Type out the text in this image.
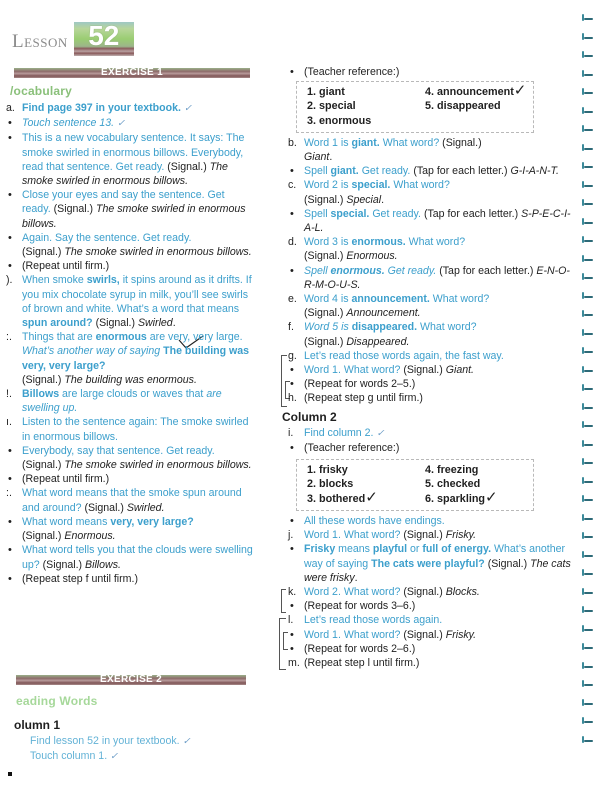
Lesson 52
EXERCISE 1
/ocabulary
a. Find page 397 in your textbook. ✓
• Touch sentence 13. ✓
• This is a new vocabulary sentence. It says: The smoke swirled in enormous billows. Everybody, read that sentence. Get ready. (Signal.) The smoke swirled in enormous billows.
• Close your eyes and say the sentence. Get ready. (Signal.) The smoke swirled in enormous billows.
• Again. Say the sentence. Get ready.
(Signal.) The smoke swirled in enormous billows.
• (Repeat until firm.)
). When smoke swirls, it spins around as it drifts. If you mix chocolate syrup in milk, you’ll see swirls of brown and white. What’s a word that means spun around? (Signal.) Swirled.
:. Things that are enormous are very, very large. What’s another way of saying The building was very, very large?
(Signal.) The building was enormous.
!. Billows are large clouds or waves that are swelling up.
ı. Listen to the sentence again: The smoke swirled in enormous billows.
• Everybody, say that sentence. Get ready. (Signal.) The smoke swirled in enormous billows.
• (Repeat until firm.)
:. What word means that the smoke spun around and around? (Signal.) Swirled.
• What word means very, very large?
(Signal.) Enormous.
• What word tells you that the clouds were swelling up? (Signal.) Billows.
• (Repeat step f until firm.)
EXERCISE 2
eading Words
olumn 1
Find lesson 52 in your textbook. ✓
Touch column 1. ✓
• (Teacher reference:)
1. giant	4. announcement✓
2. special	5. disappeared
3. enormous
b. Word 1 is giant. What word? (Signal.)
Giant.
• Spell giant. Get ready. (Tap for each letter.) G-I-A-N-T.
c. Word 2 is special. What word?
(Signal.) Special.
• Spell special. Get ready. (Tap for each letter.) S-P-E-C-I-A-L.
d. Word 3 is enormous. What word?
(Signal.) Enormous.
• Spell enormous. Get ready. (Tap for each letter.) E-N-O-R-M-O-U-S.
e. Word 4 is announcement. What word?
(Signal.) Announcement.
f. Word 5 is disappeared. What word?
(Signal.) Disappeared.
g. Let’s read those words again, the fast way.
• Word 1. What word? (Signal.) Giant.
• (Repeat for words 2–5.)
h. (Repeat step g until firm.)
Column 2
i.	Find column 2. ✓
• (Teacher reference:)
1. frisky	4. freezing
2. blocks	5. checked
3. bothered✓	6. sparkling✓
• All these words have endings.
j.	Word 1. What word? (Signal.) Frisky.
• Frisky means playful or full of energy. What’s another way of saying The cats were playful? (Signal.) The cats were frisky.
k. Word 2. What word? (Signal.) Blocks.
• (Repeat for words 3–6.)
l.	Let’s read those words again.
• Word 1. What word? (Signal.) Frisky.
• (Repeat for words 2–6.)
m. (Repeat step l until firm.)
